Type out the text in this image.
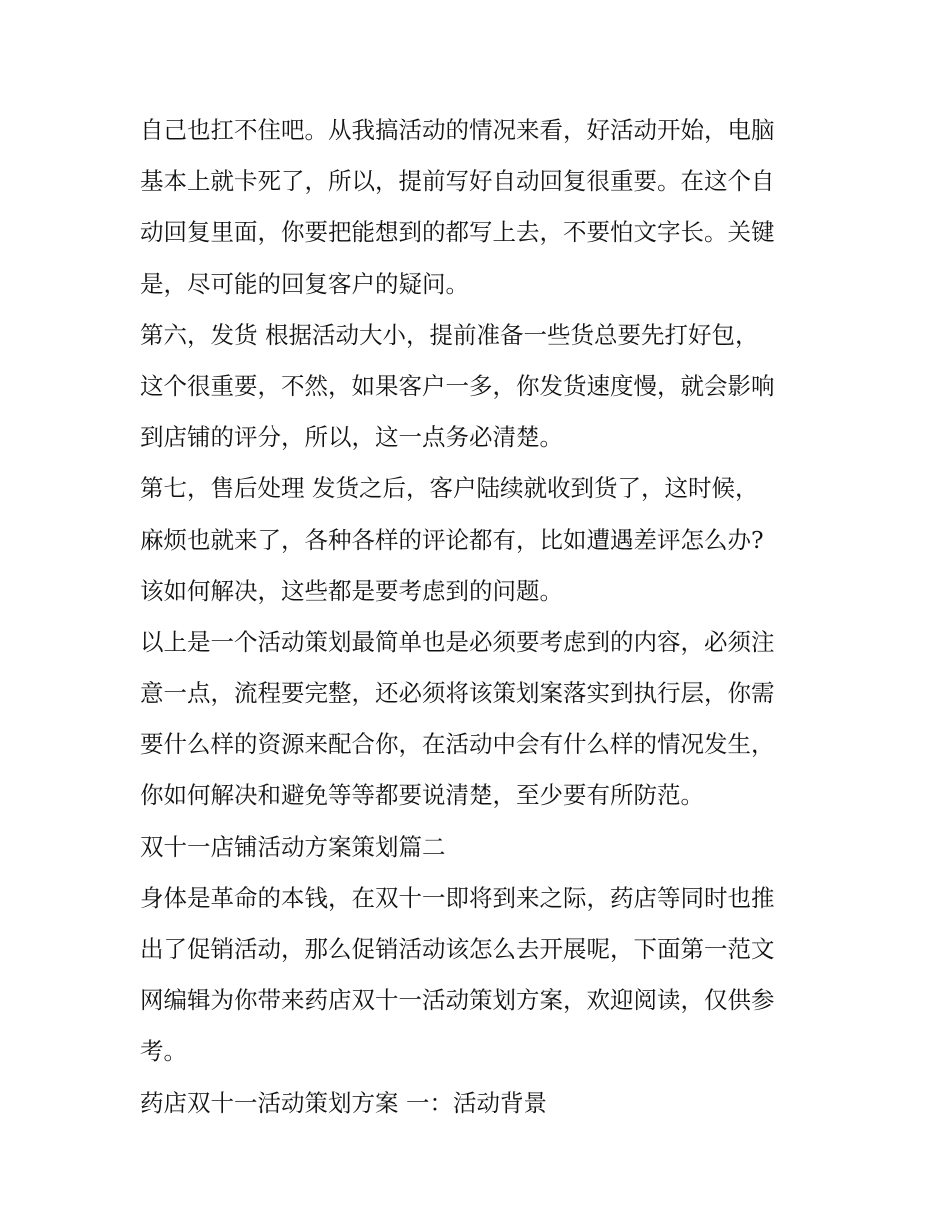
自己也扛不住吧。从我搞活动的情况来看，好活动开始，电脑
基本上就卡死了，所以，提前写好自动回复很重要。在这个自
动回复里面，你要把能想到的都写上去，不要怕文字长。关键
是，尽可能的回复客户的疑问。
第六，发货 根据活动大小，提前准备一些货总要先打好包，
这个很重要，不然，如果客户一多，你发货速度慢，就会影响
到店铺的评分，所以，这一点务必清楚。
第七，售后处理 发货之后，客户陆续就收到货了，这时候，
麻烦也就来了，各种各样的评论都有，比如遭遇差评怎么办?
该如何解决，这些都是要考虑到的问题。
以上是一个活动策划最简单也是必须要考虑到的内容，必须注
意一点，流程要完整，还必须将该策划案落实到执行层，你需
要什么样的资源来配合你，在活动中会有什么样的情况发生，
你如何解决和避免等等都要说清楚，至少要有所防范。
双十一店铺活动方案策划篇二
身体是革命的本钱，在双十一即将到来之际，药店等同时也推
出了促销活动，那么促销活动该怎么去开展呢，下面第一范文
网编辑为你带来药店双十一活动策划方案，欢迎阅读，仅供参
考。
药店双十一活动策划方案 一：活动背景
